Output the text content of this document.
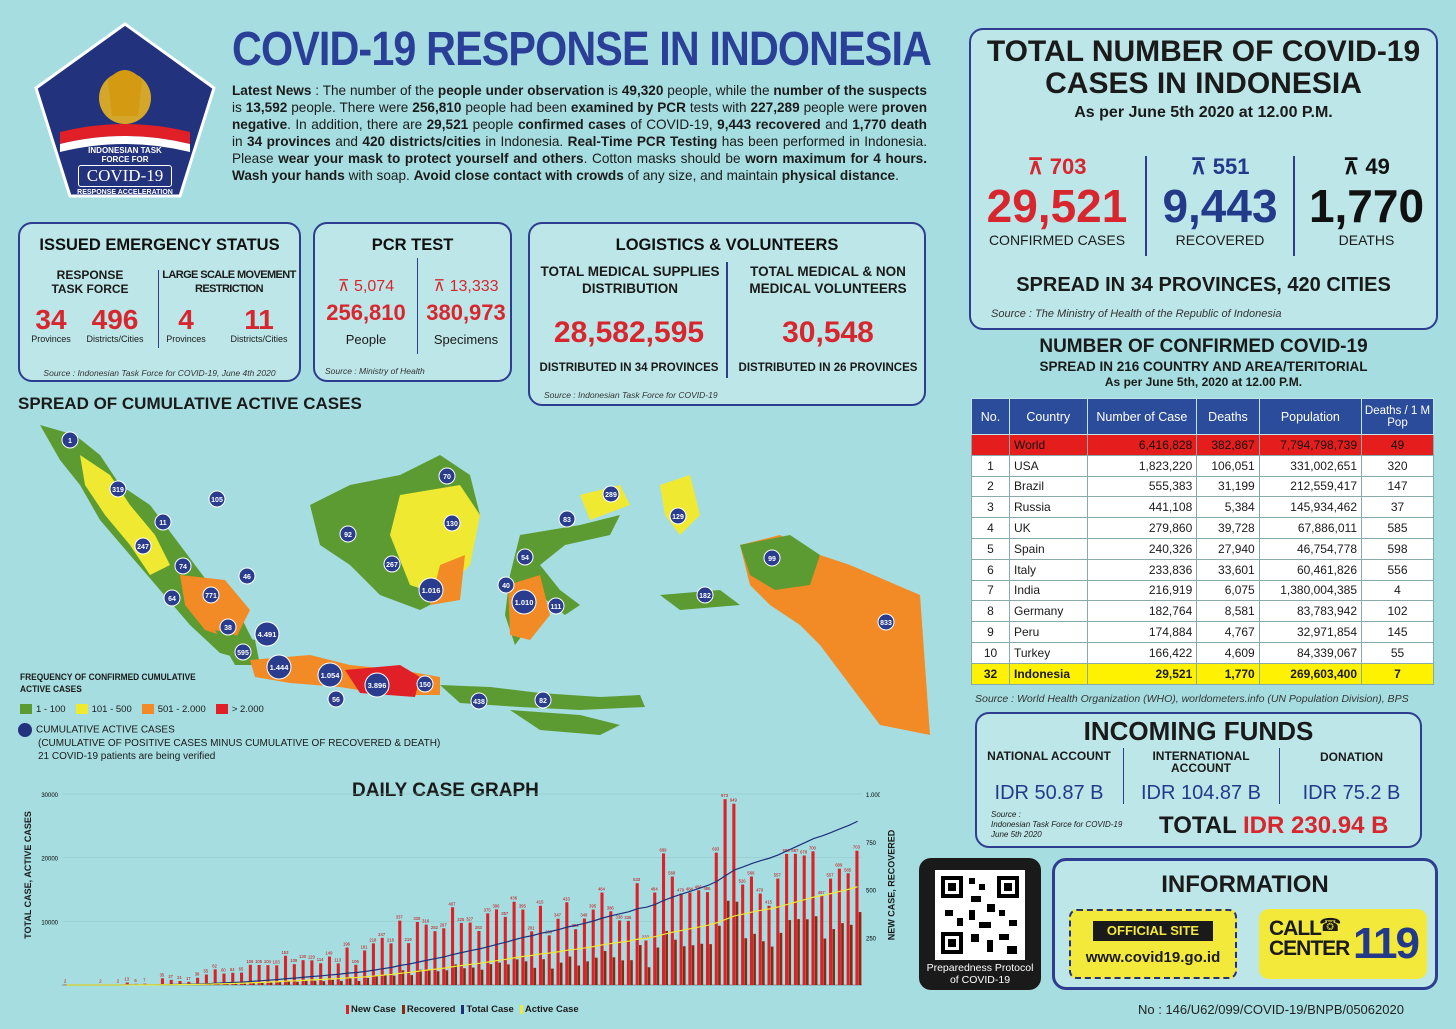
INDONESIAN TASK
FORCE FOR
COVID-19
RESPONSE ACCELERATION
COVID-19 RESPONSE IN INDONESIA
Latest News : The number of the people under observation is 49,320 people, while the number of the suspects is 13,592 people. There were 256,810 people had been examined by PCR tests with 227,289 people were proven negative. In addition, there are 29,521 people confirmed cases of COVID-19, 9,443 recovered and 1,770 death in 34 provinces and 420 districts/cities in Indonesia. Real-Time PCR Testing has been performed in Indonesia. Please wear your mask to protect yourself and others. Cotton masks should be worn maximum for 4 hours. Wash your hands with soap. Avoid close contact with crowds of any size, and maintain physical distance.
ISSUED EMERGENCY STATUS
RESPONSE TASK FORCE
LARGE SCALE MOVEMENT RESTRICTION
34 496	4	11
Provinces	Districts/Cities	Provinces	Districts/Cities
Source : Indonesian Task Force for COVID-19, June 4th 2020
PCR TEST
⊼ 5,074	⊼ 13,333
256,810 380,973
People	Specimens
Source : Ministry of Health
LOGISTICS & VOLUNTEERS
TOTAL MEDICAL SUPPLIES DISTRIBUTION
TOTAL MEDICAL & NON MEDICAL VOLUNTEERS
28,582,595	30,548
DISTRIBUTED IN 34 PROVINCES	DISTRIBUTED IN 26 PROVINCES
Source : Indonesian Task Force for COVID-19
TOTAL NUMBER OF COVID-19
CASES IN INDONESIA
As per June 5th 2020 at 12.00 P.M.
⊼ 703
29,521
CONFIRMED CASES
⊼ 551
9,443
RECOVERED
⊼ 49
1,770
DEATHS
SPREAD IN 34 PROVINCES, 420 CITIES
Source : The Ministry of Health of the Republic of Indonesia
NUMBER OF CONFIRMED COVID-19
SPREAD IN 216 COUNTRY AND AREA/TERITORIAL
As per June 5th, 2020 at 12.00 P.M.
No.	Country	Number of Case	Deaths	Population	Deaths / 1 M Pop
	World	6,416,828	382,867	7,794,798,739	49
1	USA	1,823,220	106,051	331,002,651	320
2	Brazil	555,383	31,199	212,559,417	147
3	Russia	441,108	5,384	145,934,462	37
4	UK	279,860	39,728	67,886,011	585
5	Spain	240,326	27,940	46,754,778	598
6	Italy	233,836	33,601	60,461,826	556
7	India	216,919	6,075	1,380,004,385	4
8	Germany	182,764	8,581	83,783,942	102
9	Peru	174,884	4,767	32,971,854	145
10	Turkey	166,422	4,609	84,339,067	55
32	Indonesia	29,521	1,770	269,603,400	7
Source : World Health Organization (WHO), worldometers.info (UN Population Division), BPS
INCOMING FUNDS
NATIONAL ACCOUNT	INTERNATIONAL ACCOUNT
DONATION
IDR 50.87 B	IDR 104.87 B	IDR 75.2 B
Source :
Indonesian Task Force for COVID-19
June 5th 2020	TOTAL IDR 230.94 B
Preparedness Protocol of COVID-19
INFORMATION
OFFICIAL SITE
www.covid19.go.id
CALL
CENTER
☎ 119
No : 146/U62/099/COVID-19/BNPB/05062020
SPREAD OF CUMULATIVE ACTIVE CASES
1
319
105
11
247
74
46
64	771
38
4.491
595
1.444
1.054
56
3.896	150
438	82
92
267
70
130
1.016	40
54
1.010
111
83
289
129
182
99
833
FREQUENCY OF CONFIRMED CUMULATIVE ACTIVE CASES
1 - 100	101 - 500	501 - 2.000	> 2.000
CUMULATIVE ACTIVE CASES
(CUMULATIVE OF POSITIVE CASES MINUS CUMULATIVE OF RECOVERED & DEATH)
21 COVID-19 patients are being verified
DAILY CASE GRAPH
TOTAL CASE, ACTIVE CASES	NEW CASE, RECOVERED
30000
20000
10000
1.000
750
500
250
2	2	2 13 6 7
35 27 21 17
38
55
82
60 64 65
106 105 104 103
153
109
130 129
114
149
113
196
106
181
218
247
218
337
219
330
316
282
297
407
325 327
283
375
396
357
436
395
281
415
260
347
433
292
348
395
484
386
338 336
533
233
484
689
568
479 484 496 486
693
973
949
526
568
479
415
557
686 687 678
700
467
557
609
585
703
New Case Recovered Total Case Active Case
